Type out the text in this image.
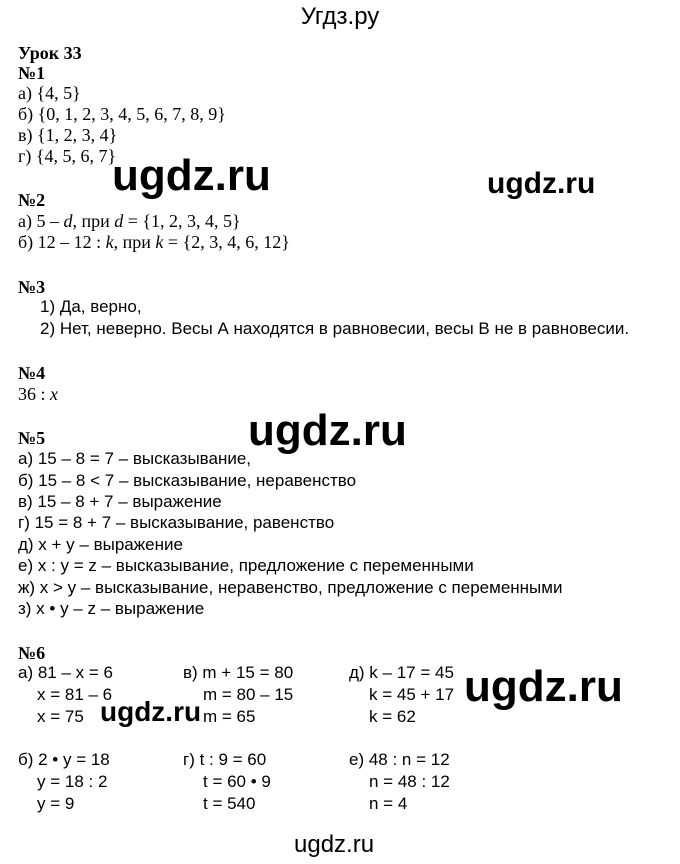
Угдз.ру
Урок 33
№1
а) {4, 5}
б) {0, 1, 2, 3, 4, 5, 6, 7, 8, 9}
в) {1, 2, 3, 4}
г) {4, 5, 6, 7}
№2
а) 5 – d, при d = {1, 2, 3, 4, 5}
б) 12 – 12 : k, при k = {2, 3, 4, 6, 12}
№3
1) Да, верно,
2) Нет, неверно. Весы А находятся в равновесии, весы В не в равновесии.
№4
36 : x
№5
а) 15 – 8 = 7 – высказывание,
б) 15 – 8 < 7 – высказывание, неравенство
в) 15 – 8 + 7 – выражение
г) 15 = 8 + 7 – высказывание, равенство
д) x + y – выражение
е) x : y = z – высказывание, предложение с переменными
ж) x > y – высказывание, неравенство, предложение с переменными
з) x • y – z – выражение
№6
а) 81 – x = 6
x = 81 – 6
x = 75
в) m + 15 = 80
m = 80 – 15
m = 65
д) k – 17 = 45
k = 45 + 17
k = 62
б) 2 • y = 18
y = 18 : 2
y = 9
г) t : 9 = 60
t = 60 • 9
t = 540
е) 48 : n = 12
n = 48 : 12
n = 4
ugdz.ru	ugdz.ru
ugdz.ru
ugdz.ru
ugdz.ru
ugdz.ru
